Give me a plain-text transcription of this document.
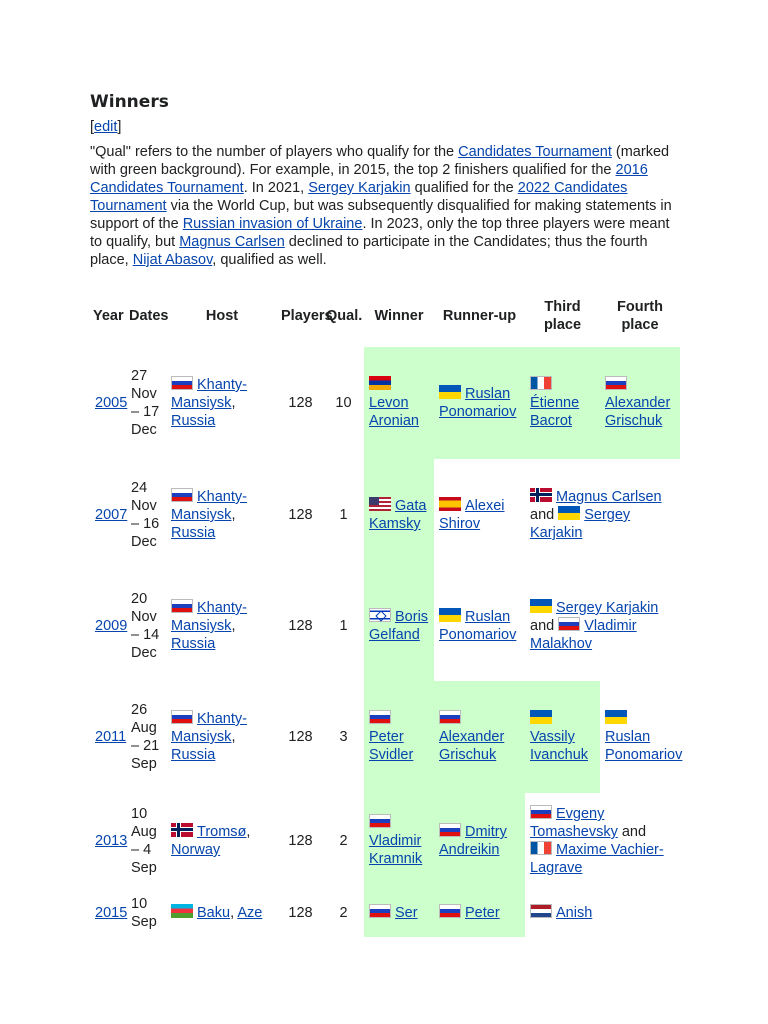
Winners
[edit]

"Qual" refers to the number of players who qualify for the Candidates Tournament (marked with green background). For example, in 2015, the top 2 finishers qualified for the 2016 Candidates Tournament. In 2021, Sergey Karjakin qualified for the 2022 Candidates Tournament via the World Cup, but was subsequently disqualified for making statements in support of the Russian invasion of Ukraine. In 2023, only the top three players were meant to qualify, but Magnus Carlsen declined to participate in the Candidates; thus the fourth place, Nijat Abasov, qualified as well.

Year	Dates	Host	Players	Qual.	Winner	Runner-up	Third place	Fourth place
2005	27 Nov – 17 Dec	Khanty-Mansiysk, Russia	128	10	Levon Aronian	Ruslan Ponomariov	Étienne Bacrot	Alexander Grischuk
2007	24 Nov – 16 Dec	Khanty-Mansiysk, Russia	128	1	Gata Kamsky	Alexei Shirov	Magnus Carlsen and Sergey Karjakin	
2009	20 Nov – 14 Dec	Khanty-Mansiysk, Russia	128	1	Boris Gelfand	Ruslan Ponomariov	Sergey Karjakin and Vladimir Malakhov	
2011	26 Aug – 21 Sep	Khanty-Mansiysk, Russia	128	3	Peter Svidler	Alexander Grischuk	Vassily Ivanchuk	Ruslan Ponomariov
2013	10 Aug – 4 Sep	Tromsø, Norway	128	2	Vladimir Kramnik	Dmitry Andreikin	Evgeny Tomashevsky and Maxime Vachier-Lagrave	
2015	10 Sep	Baku, Aze	128	2	Ser	Peter	Anish	
